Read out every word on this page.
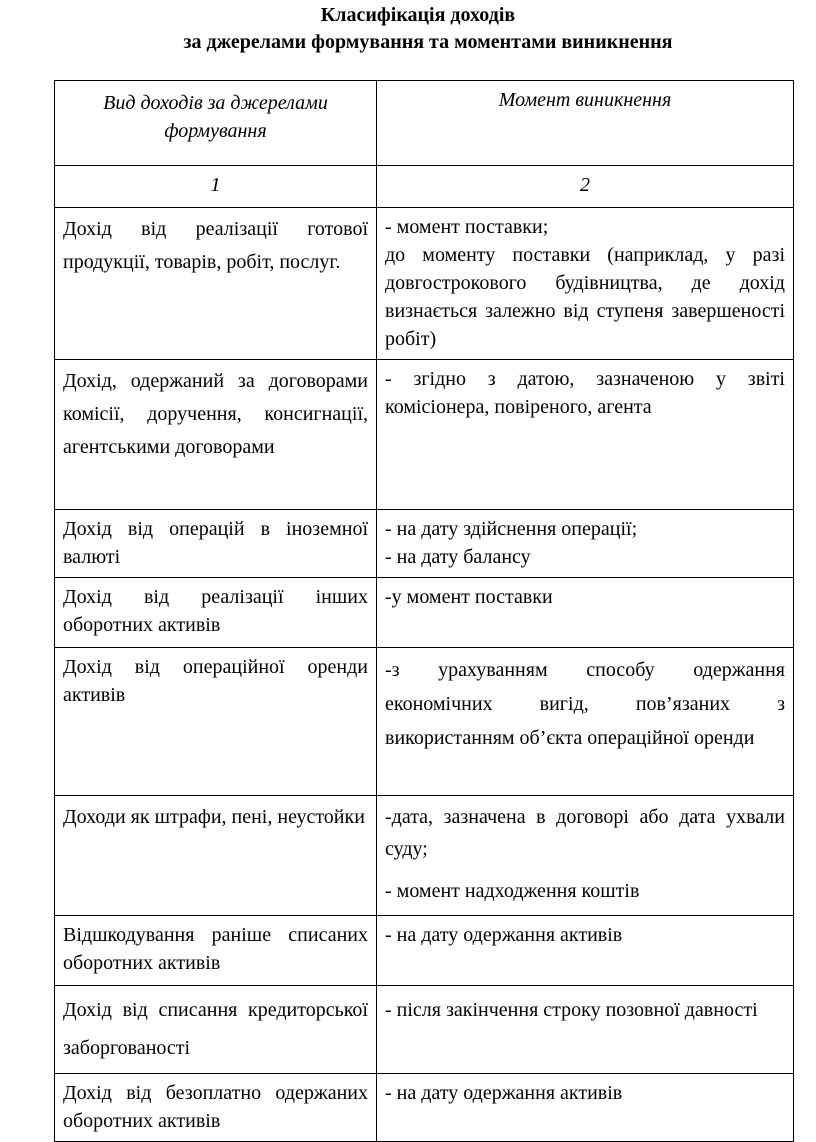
Класифікація доходів
за джерелами формування та моментами виникнення
Вид доходів за джерелами формування	Момент виникнення
1	2
Дохід від реалізації готової продукції, товарів, робіт, послуг.	- момент поставки;
до моменту поставки (наприклад, у разі довгострокового будівництва, де дохід визнається залежно від ступеня завершеності робіт)

Дохід, одержаний за договорами комісії, доручення, консигнації, агентськими договорами	- згідно з датою, зазначеною у звіті комісіонера, повіреного, агента

Дохід від операцій в іноземної валюті	- на дату здійснення операції;
- на дату балансу

Дохід від реалізації інших оборотних активів	-у момент поставки

Дохід від операційної оренди активів	-з урахуванням способу одержання економічних вигід, пов’язаних з використанням об’єкта операційної оренди

Доходи як штрафи, пені, неустойки	-дата, зазначена в договорі або дата ухвали суду;
- момент надходження коштів

Відшкодування раніше списаних оборотних активів	- на дату одержання активів

Дохід від списання кредиторської заборгованості	- після закінчення строку позовної давності

Дохід від безоплатно одержаних оборотних активів	- на дату одержання активів
